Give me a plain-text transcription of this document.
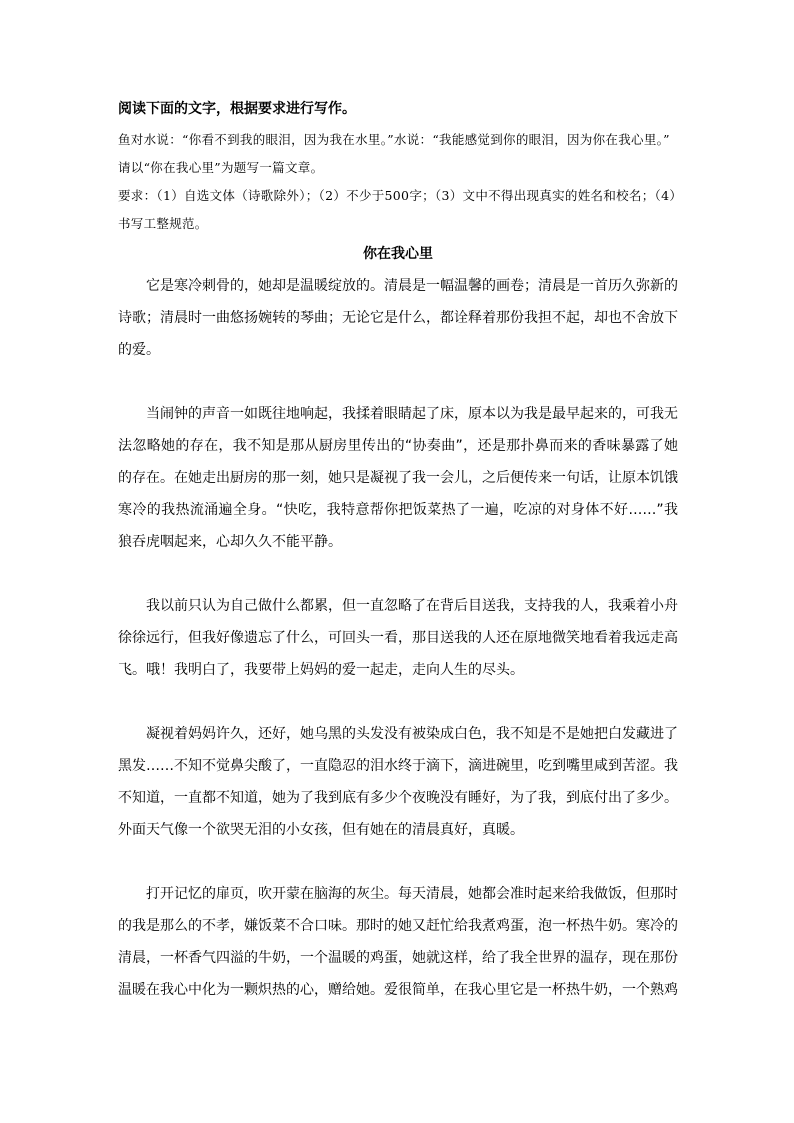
阅读下面的文字，根据要求进行写作。

鱼对水说：“你看不到我的眼泪，因为我在水里。”水说：“我能感觉到你的眼泪，因为你在我心里。”

请以“你在我心里”为题写一篇文章。

要求：（1）自选文体（诗歌除外）；（2）不少于500字；（3）文中不得出现真实的姓名和校名；（4）书写工整规范。

你在我心里

它是寒冷刺骨的，她却是温暖绽放的。清晨是一幅温馨的画卷；清晨是一首历久弥新的诗歌；清晨时一曲悠扬婉转的琴曲；无论它是什么，都诠释着那份我担不起，却也不舍放下的爱。

当闹钟的声音一如既往地响起，我揉着眼睛起了床，原本以为我是最早起来的，可我无法忽略她的存在，我不知是那从厨房里传出的“协奏曲”，还是那扑鼻而来的香味暴露了她的存在。在她走出厨房的那一刻，她只是凝视了我一会儿，之后便传来一句话，让原本饥饿寒冷的我热流涌遍全身。“快吃，我特意帮你把饭菜热了一遍，吃凉的对身体不好……”我狼吞虎咽起来，心却久久不能平静。

我以前只认为自己做什么都累，但一直忽略了在背后目送我，支持我的人，我乘着小舟徐徐远行，但我好像遗忘了什么，可回头一看，那目送我的人还在原地微笑地看着我远走高飞。哦！我明白了，我要带上妈妈的爱一起走，走向人生的尽头。

凝视着妈妈许久，还好，她乌黑的头发没有被染成白色，我不知是不是她把白发藏进了黑发……不知不觉鼻尖酸了，一直隐忍的泪水终于滴下，滴进碗里，吃到嘴里咸到苦涩。我不知道，一直都不知道，她为了我到底有多少个夜晚没有睡好，为了我，到底付出了多少。外面天气像一个欲哭无泪的小女孩，但有她在的清晨真好，真暖。

打开记忆的扉页，吹开蒙在脑海的灰尘。每天清晨，她都会准时起来给我做饭，但那时的我是那么的不孝，嫌饭菜不合口味。那时的她又赶忙给我煮鸡蛋，泡一杯热牛奶。寒冷的清晨，一杯香气四溢的牛奶，一个温暖的鸡蛋，她就这样，给了我全世界的温存，现在那份温暖在我心中化为一颗炽热的心，赠给她。爱很简单，在我心里它是一杯热牛奶，一个熟鸡
